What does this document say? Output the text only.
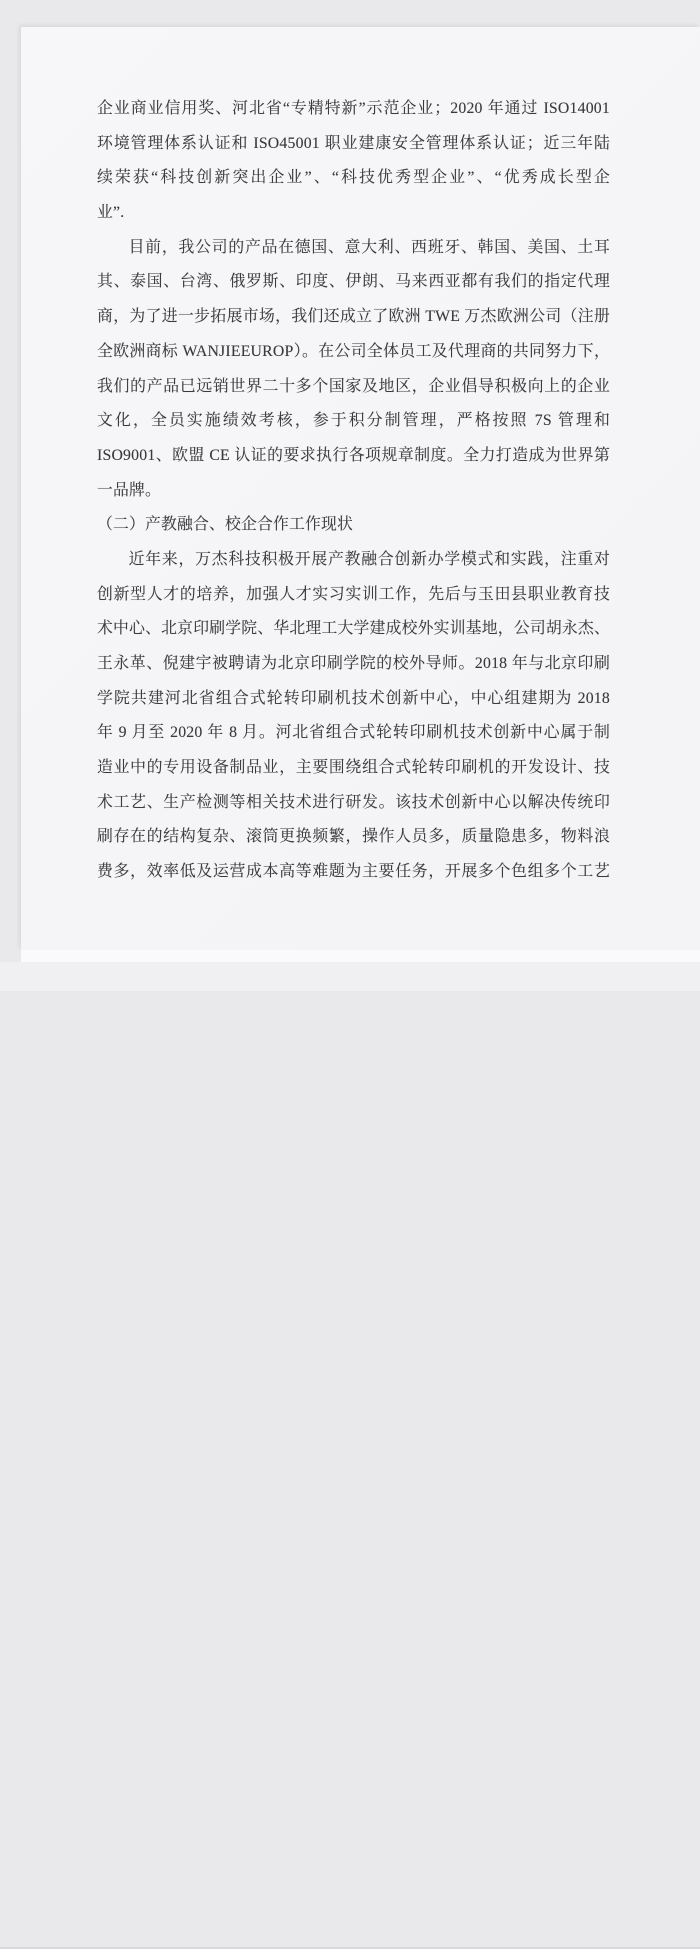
企业商业信用奖、河北省“专精特新”示范企业；2020 年通过 ISO14001
环境管理体系认证和 ISO45001 职业建康安全管理体系认证；近三年陆
续荣获“科技创新突出企业”、“科技优秀型企业”、“优秀成长型企
业”.
目前，我公司的产品在德国、意大利、西班牙、韩国、美国、土耳
其、泰国、台湾、俄罗斯、印度、伊朗、马来西亚都有我们的指定代理
商，为了进一步拓展市场，我们还成立了欧洲 TWE 万杰欧洲公司（注册
全欧洲商标 WANJIEEUROP）。在公司全体员工及代理商的共同努力下，
我们的产品已远销世界二十多个国家及地区，企业倡导积极向上的企业
文化，全员实施绩效考核，参于积分制管理，严格按照 7S 管理和
ISO9001、欧盟 CE 认证的要求执行各项规章制度。全力打造成为世界第
一品牌。
（二）产教融合、校企合作工作现状
近年来，万杰科技积极开展产教融合创新办学模式和实践，注重对
创新型人才的培养，加强人才实习实训工作，先后与玉田县职业教育技
术中心、北京印刷学院、华北理工大学建成校外实训基地，公司胡永杰、
王永革、倪建宇被聘请为北京印刷学院的校外导师。2018 年与北京印刷
学院共建河北省组合式轮转印刷机技术创新中心，中心组建期为 2018
年 9 月至 2020 年 8 月。河北省组合式轮转印刷机技术创新中心属于制
造业中的专用设备制品业，主要围绕组合式轮转印刷机的开发设计、技
术工艺、生产检测等相关技术进行研发。该技术创新中心以解决传统印
刷存在的结构复杂、滚筒更换频繁，操作人员多，质量隐患多，物料浪
费多，效率低及运营成本高等难题为主要任务，开展多个色组多个工艺
